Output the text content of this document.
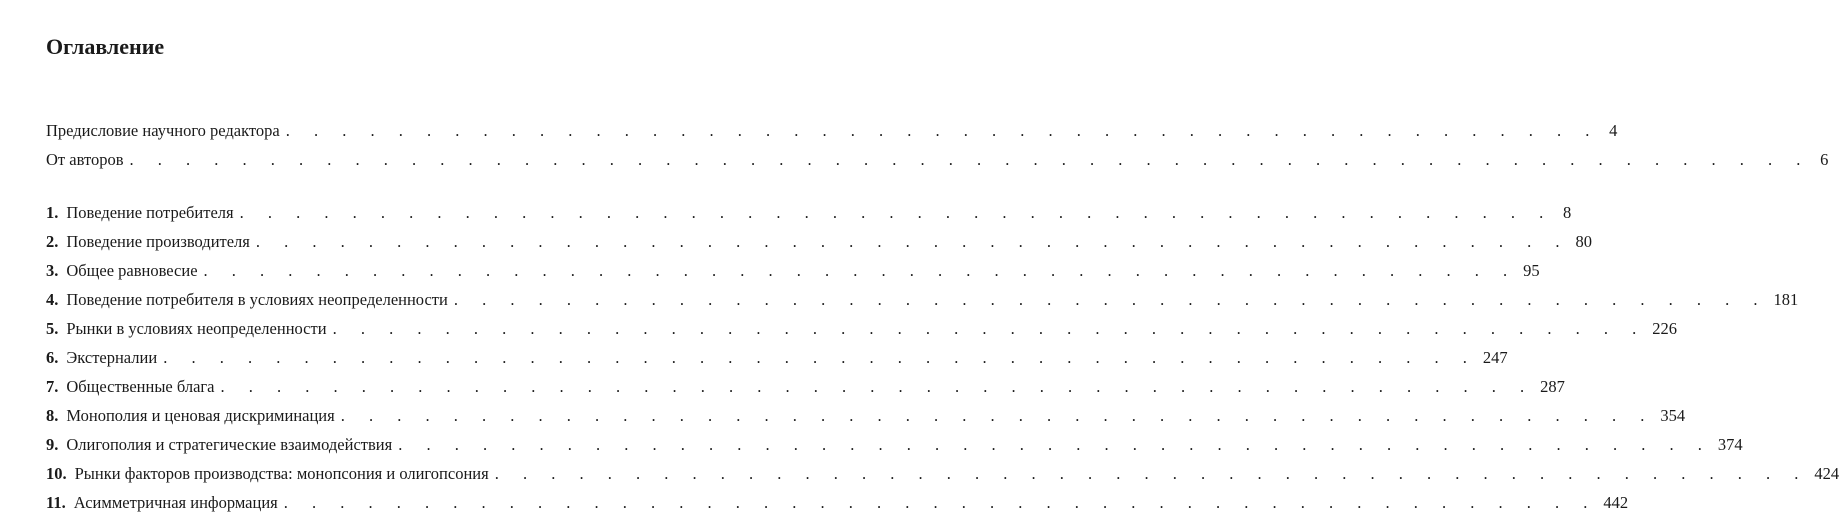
Оглавление
Предисловие научного редактора . . . . . . . . . . . . . . . . . . . . . . . . . . . . . . . . . . . . . . . . . . . . . . . 4
От авторов . . . . . . . . . . . . . . . . . . . . . . . . . . . . . . . . . . . . . . . . . . . . . . . . . . . . . . . . . . . . 6
1. Поведение потребителя . . . . . . . . . . . . . . . . . . . . . . . . . . . . . . . . . . . . . . . . . . . . . . . 8
2. Поведение производителя . . . . . . . . . . . . . . . . . . . . . . . . . . . . . . . . . . . . . . . . . . . . . . . 80
3. Общее равновесие . . . . . . . . . . . . . . . . . . . . . . . . . . . . . . . . . . . . . . . . . . . . . . . 95
4. Поведение потребителя в условиях неопределенности . . . . . . . . . . . . . . . . . . . . . . . . . . . . . . . . . . . . . . . . . . . . . . . 181
5. Рынки в условиях неопределенности . . . . . . . . . . . . . . . . . . . . . . . . . . . . . . . . . . . . . . . . . . . . . . . 226
6. Экстерналии . . . . . . . . . . . . . . . . . . . . . . . . . . . . . . . . . . . . . . . . . . . . . . . 247
7. Общественные блага . . . . . . . . . . . . . . . . . . . . . . . . . . . . . . . . . . . . . . . . . . . . . . . 287
8. Монополия и ценовая дискриминация . . . . . . . . . . . . . . . . . . . . . . . . . . . . . . . . . . . . . . . . . . . . . . . 354
9. Олигополия и стратегические взаимодействия . . . . . . . . . . . . . . . . . . . . . . . . . . . . . . . . . . . . . . . . . . . . . . . 374
10. Рынки факторов производства: монопсония и олигопсония . . . . . . . . . . . . . . . . . . . . . . . . . . . . . . . . . . . . . . . . . . . . . . . 424
11. Асимметричная информация . . . . . . . . . . . . . . . . . . . . . . . . . . . . . . . . . . . . . . . . . . . . . . . 442
